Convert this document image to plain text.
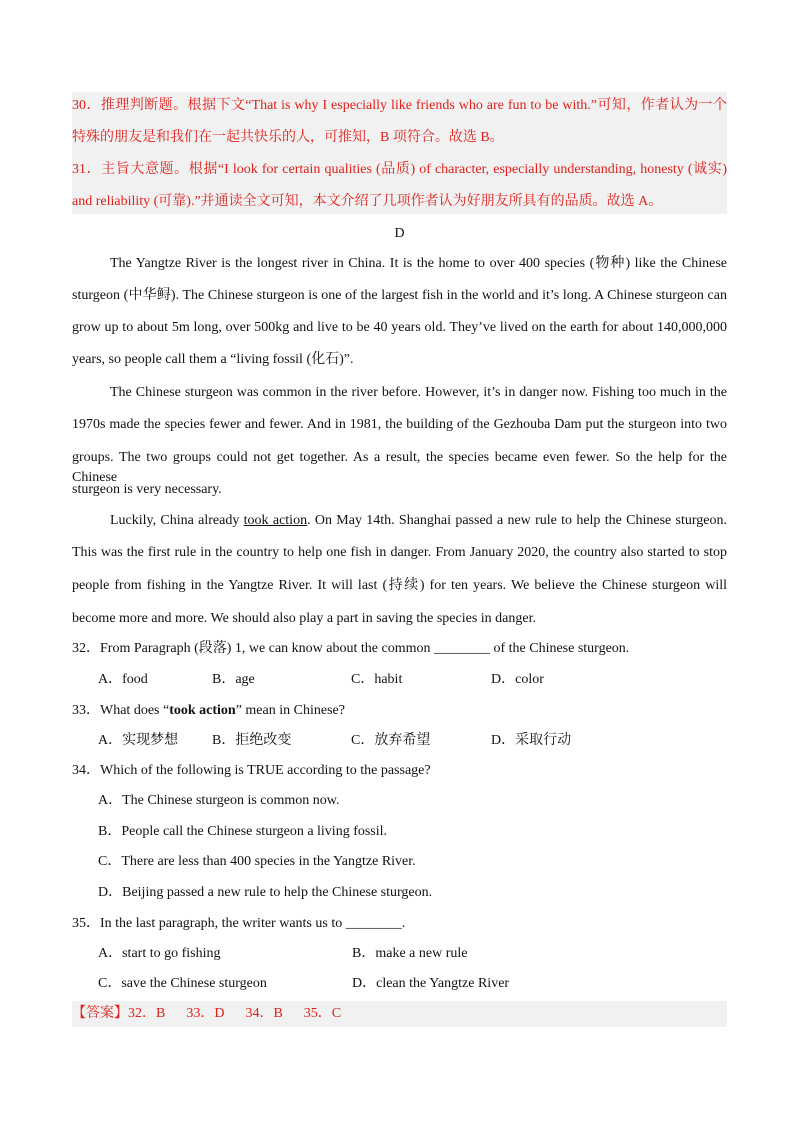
30．推理判断题。根据下文“That is why I especially like friends who are fun to be with.”可知，作者认为一个
特殊的朋友是和我们在一起共快乐的人，可推知，B 项符合。故选 B。
31．主旨大意题。根据“I look for certain qualities (品质) of character, especially understanding, honesty (诚实)
and reliability (可靠).”并通读全文可知，本文介绍了几项作者认为好朋友所具有的品质。故选 A。
D
The Yangtze River is the longest river in China. It is the home to over 400 species (物种) like the Chinese
sturgeon (中华鲟). The Chinese sturgeon is one of the largest fish in the world and it’s long. A Chinese sturgeon can
grow up to about 5m long, over 500kg and live to be 40 years old. They’ve lived on the earth for about 140,000,000
years, so people call them a “living fossil (化石)”.
The Chinese sturgeon was common in the river before. However, it’s in danger now. Fishing too much in the
1970s made the species fewer and fewer. And in 1981, the building of the Gezhouba Dam put the sturgeon into two
groups. The two groups could not get together. As a result, the species became even fewer. So the help for the Chinese
sturgeon is very necessary.
Luckily, China already took action. On May 14th. Shanghai passed a new rule to help the Chinese sturgeon.
This was the first rule in the country to help one fish in danger. From January 2020, the country also started to stop
people from fishing in the Yangtze River. It will last (持续) for ten years. We believe the Chinese sturgeon will
become more and more. We should also play a part in saving the species in danger.
32．From Paragraph (段落) 1, we can know about the common ________ of the Chinese sturgeon.
A．food	B．age	C．habit	D．color
33．What does “took action” mean in Chinese?
A．实现梦想 B．拒绝改变	C．放弃希望	D．采取行动
34．Which of the following is TRUE according to the passage?
A．The Chinese sturgeon is common now.
B．People call the Chinese sturgeon a living fossil.
C．There are less than 400 species in the Yangtze River.
D．Beijing passed a new rule to help the Chinese sturgeon.
35．In the last paragraph, the writer wants us to ________.
A．start to go fishing	B．make a new rule
C．save the Chinese sturgeon	D．clean the Yangtze River
【答案】32．B      33．D      34．B      35．C
